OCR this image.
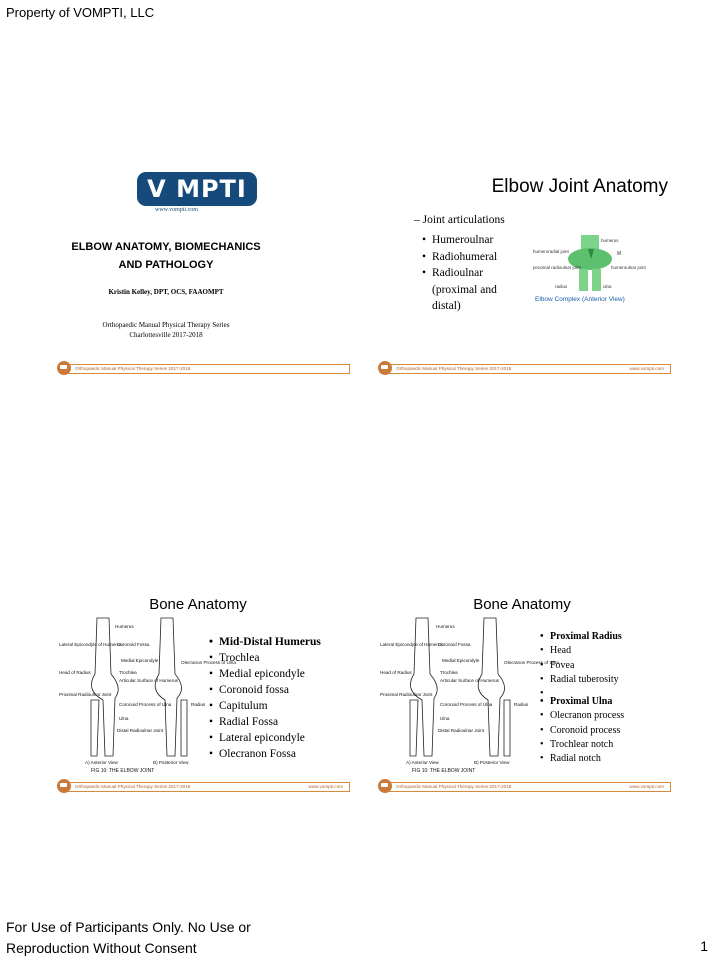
Property of VOMPTI, LLC
V MPTI
www.vompti.com
ELBOW ANATOMY, BIOMECHANICS
AND PATHOLOGY
Kristin Kelley, DPT, OCS, FAAOMPT
Orthopaedic Manual Physical Therapy Series
Charlottesville 2017-2018
Orthopaedic Manual Physical Therapy Series 2017-2018
Elbow Joint Anatomy
– Joint articulations
• Humeroulnar
• Radiohumeral
• Radioulnar (proximal and distal)
humerus
humeroradial joint
proximal radioulnar joint	humeroulnar joint
radius	ulna
M
Elbow Complex (Anterior View)
Orthopaedic Manual Physical Therapy Series 2017-2018	www.vompti.com
Bone Anatomy
Humerus
Lateral Epicondyle of Humerus
Coronoid Fossa
Medial Epicondyle	Olecranon Process of Ulna
Head of Radius	Trochlea
Articular Surface of Humerus
Proximal Radioulnar Joint
Coronoid Process of Ulna	Radius
Ulna
Distal Radioulnar Joint
A) Anterior View	B) Posterior View
FIG 10: THE ELBOW JOINT
• Mid-Distal Humerus
• Trochlea
• Medial epicondyle
• Coronoid fossa
• Capitulum
• Radial Fossa
• Lateral epicondyle
• Olecranon Fossa
Orthopaedic Manual Physical Therapy Series 2017-2018	www.vompti.com
Bone Anatomy
Humerus
Lateral Epicondyle of Humerus
Coronoid Fossa
Medial Epicondyle	Olecranon Process of Ulna
Head of Radius	Trochlea
Articular Surface of Humerus
Proximal Radioulnar Joint
Coronoid Process of Ulna	Radius
Ulna
Distal Radioulnar Joint
A) Anterior View	B) Posterior View
FIG 10: THE ELBOW JOINT
• Proximal Radius
• Head
• Fovea
• Radial tuberosity
•
• Proximal Ulna
• Olecranon process
• Coronoid process
• Trochlear notch
• Radial notch
Orthopaedic Manual Physical Therapy Series 2017-2018	www.vompti.com
For Use of Participants Only. No Use or
Reproduction Without Consent	1
